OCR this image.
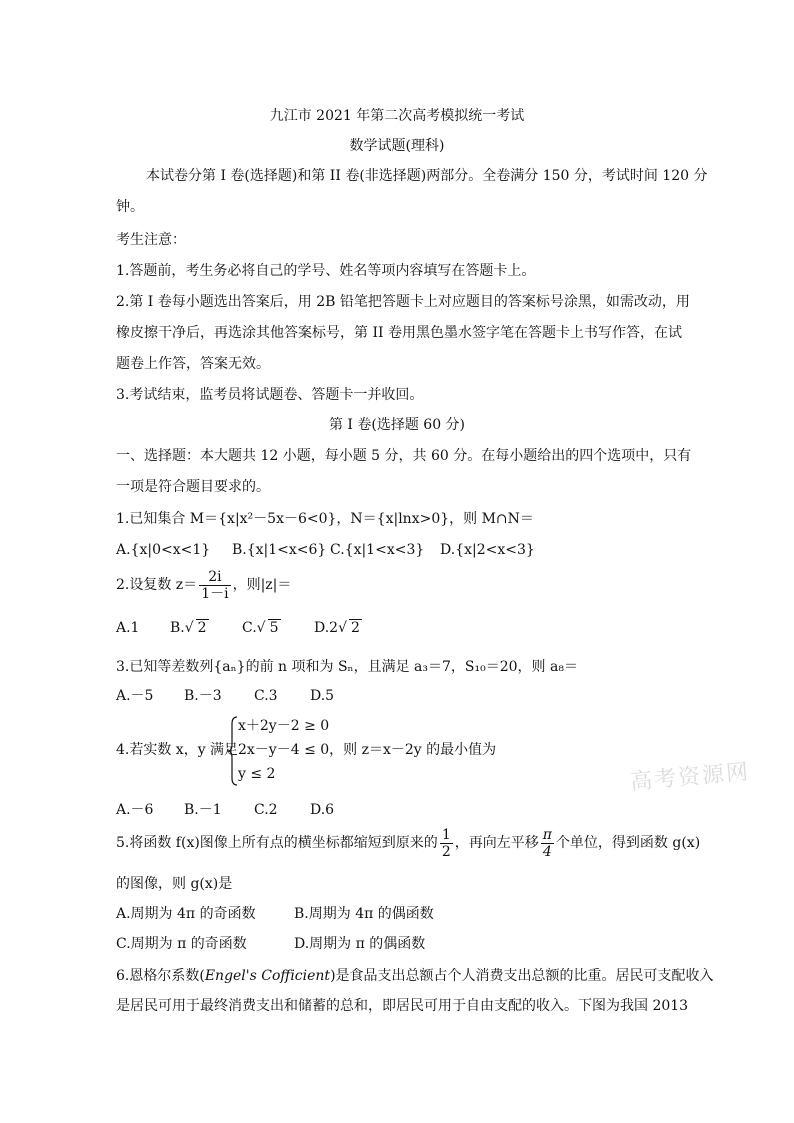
九江市 2021 年第二次高考模拟统一考试
数学试题(理科)
本试卷分第 I 卷(选择题)和第 II 卷(非选择题)两部分。全卷满分 150 分，考试时间 120 分
钟。
考生注意：
1.答题前，考生务必将自己的学号、姓名等项内容填写在答题卡上。
2.第 I 卷每小题选出答案后，用 2B 铅笔把答题卡上对应题目的答案标号涂黑，如需改动，用
橡皮擦干净后，再选涂其他答案标号，第 II 卷用黑色墨水签字笔在答题卡上书写作答，在试
题卷上作答，答案无效。
3.考试结束，监考员将试题卷、答题卡一并收回。
第 I 卷(选择题 60 分)
一、选择题：本大题共 12 小题，每小题 5 分，共 60 分。在每小题给出的四个选项中，只有
一项是符合题目要求的。
1.已知集合 M＝{x|x²－5x－6<0}，N＝{x|lnx>0}，则 M∩N＝
A.{x|0<x<1} B.{x|1<x<6} C.{x|1<x<3} D.{x|2<x<3}
2.设复数 $z= \frac{2i}{1-i}$ ，则|z|＝
A.1 B.√ 2	C.√ 5	D.2√ 2
3.已知等差数列{aₙ}的前 n 项和为 Sₙ，且满足 a₃＝7，S₁₀＝20，则 a₈＝
A.－5 B.－3 C.3 D.5
4.若实数 x，y 满足
x＋2y－2 ≥ 0
2x－y－4 ≤ 0，则 z＝x－2y 的最小值为
y ≤ 2
A.－6 B.－1 C.2 D.6
高考资源网
5.将函数 f(x)图像上所有点的横坐标都缩短到原来的 $\frac{1}{2}$ ，再向左平移 $\frac{\pi}{4}$ 个单位，得到函数 g(x)
的图像，则 g(x)是
A.周期为 4π 的奇函数	B.周期为 4π 的偶函数
C.周期为 π 的奇函数	D.周期为 π 的偶函数
6.恩格尔系数(Engel's Cofficient)是食品支出总额占个人消费支出总额的比重。居民可支配收入
是居民可用于最终消费支出和储蓄的总和，即居民可用于自由支配的收入。下图为我国 2013
